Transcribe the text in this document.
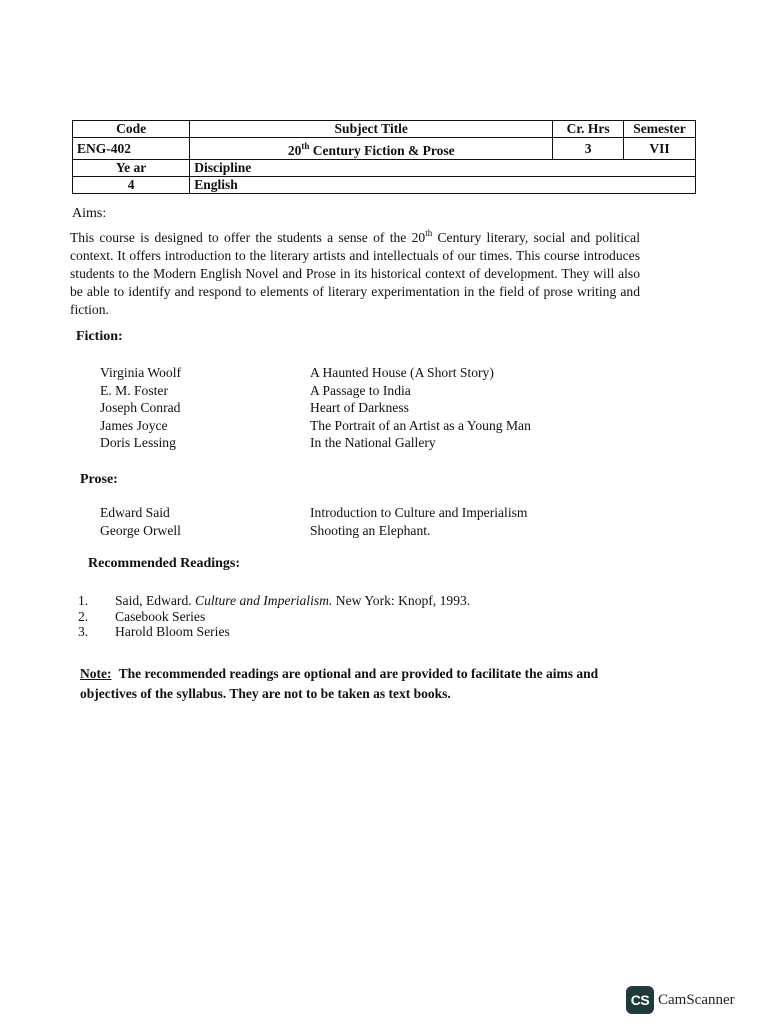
Code	Subject Title	Cr. Hrs	Semester
ENG-402	20th Century Fiction & Prose	3	VII
Ye ar	Discipline		
4	English		
Aims:
This course is designed to offer the students a sense of the 20th Century literary, social and political context. It offers introduction to the literary artists and intellectuals of our times. This course introduces students to the Modern English Novel and Prose in its historical context of development. They will also be able to identify and respond to elements of literary experimentation in the field of prose writing and fiction.
Fiction:
Virginia Woolf	A Haunted House (A Short Story)
E. M. Foster	A Passage to India
Joseph Conrad	Heart of Darkness
James Joyce	The Portrait of an Artist as a Young Man
Doris Lessing	In the National Gallery
Prose:
Edward Said	Introduction to Culture and Imperialism
George Orwell	Shooting an Elephant.
Recommended Readings:
1.	Said, Edward. Culture and Imperialism. New York: Knopf, 1993.
2.	Casebook Series
3.	Harold Bloom Series
Note: The recommended readings are optional and are provided to facilitate the aims and objectives of the syllabus. They are not to be taken as text books.
CS CamScanner
